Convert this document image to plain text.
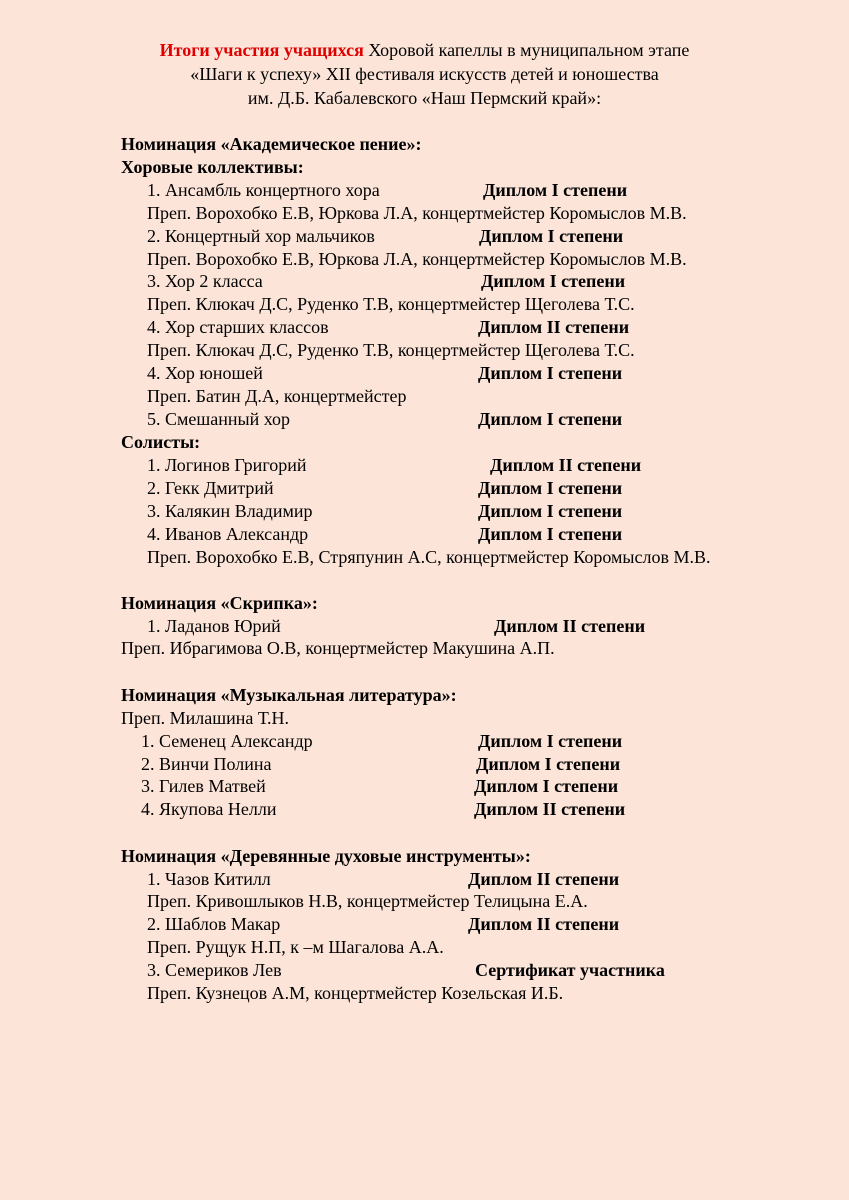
Итоги участия учащихся Хоровой капеллы в муниципальном этапе
«Шаги к успеху» XII фестиваля искусств детей и юношества
им. Д.Б. Кабалевского «Наш Пермский край»:
Номинация «Академическое пение»:
Хоровые коллективы:
1. Ансамбль концертного хора	Диплом I степени
Преп. Ворохобко Е.В, Юркова Л.А, концертмейстер Коромыслов М.В.
2. Концертный хор мальчиков	Диплом I степени
Преп. Ворохобко Е.В, Юркова Л.А, концертмейстер Коромыслов М.В.
3. Хор 2 класса	Диплом I степени
Преп. Клюкач Д.С, Руденко Т.В, концертмейстер Щеголева Т.С.
4. Хор старших классов	Диплом II степени
Преп. Клюкач Д.С, Руденко Т.В, концертмейстер Щеголева Т.С.
4. Хор юношей	Диплом I степени
Преп. Батин Д.А, концертмейстер
5. Смешанный хор	Диплом I степени
Солисты:
1. Логинов Григорий	Диплом II степени
2. Гекк Дмитрий	Диплом I степени
3. Калякин Владимир	Диплом I степени
4. Иванов Александр	Диплом I степени
Преп. Ворохобко Е.В, Стряпунин А.С, концертмейстер Коромыслов М.В.
Номинация «Скрипка»:
1. Ладанов Юрий	Диплом II степени
Преп. Ибрагимова О.В, концертмейстер Макушина А.П.
Номинация «Музыкальная литература»:
Преп. Милашина Т.Н.
1. Семенец Александр	Диплом I степени
2. Винчи Полина	Диплом I степени
3. Гилев Матвей	Диплом I степени
4. Якупова Нелли	Диплом II степени
Номинация «Деревянные духовые инструменты»:
1. Чазов Китилл	Диплом II степени
Преп. Кривошлыков Н.В, концертмейстер Телицына Е.А.
2. Шаблов Макар	Диплом II степени
Преп. Рущук Н.П, к –м Шагалова А.А.
3. Семериков Лев	Сертификат участника
Преп. Кузнецов А.М, концертмейстер Козельская И.Б.
